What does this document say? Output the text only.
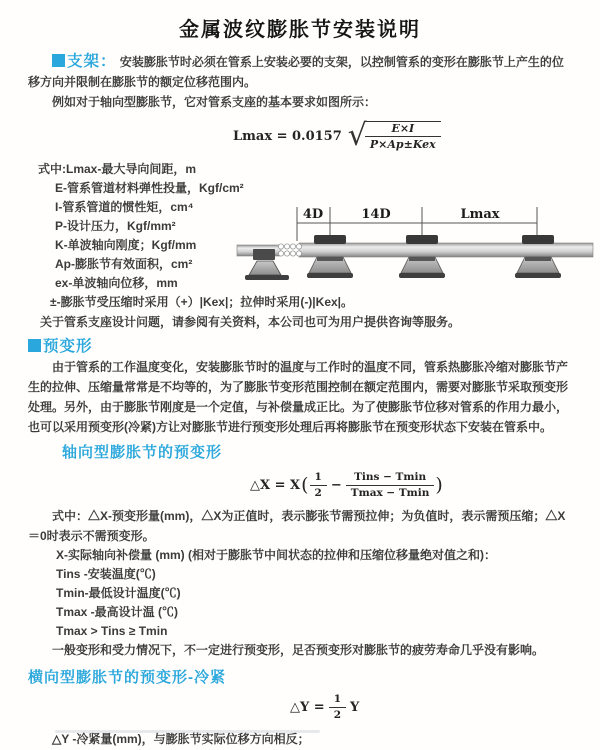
金属波纹膨胀节安装说明

支架： 安装膨胀节时必须在管系上安装必要的支架，以控制管系的变形在膨胀节上产生的位移方向并限制在膨胀节的额定位移范围内。

例如对于轴向型膨胀节，它对管系支座的基本要求如图所示：

Lmax = 0.0157 √
$\frac{E\times I}{\text{P×Ap±Kex}}$
式中:Lmax-最大导向间距，m
E-管系管道材料弹性投量，Kgf/cm²
I-管系管道的惯性矩，cm⁴
P-设计压力，Kgf/mm²
K-单波轴向刚度；Kgf/mm
Ap-膨胀节有效面积，cm²
ex-单波轴向位移，mm
±-膨胀节受压缩时采用（+）|Kex|；拉伸时采用(-)|Kex|。

关于管系支座设计问题，请参阅有关资料，本公司也可为用户提供咨询等服务。

预变形

由于管系的工作温度变化，安装膨胀节时的温度与工作时的温度不同，管系热膨胀冷缩对膨胀节产生的拉伸、压缩量常常是不均等的，为了膨胀节变形范围控制在额定范围内，需要对膨胀节采取预变形处理。另外，由于膨胀节刚度是一个定值，与补偿量成正比。为了使膨胀节位移对管系的作用力最小，也可以采用预变形(冷紧)方让对膨胀节进行预变形处理后再将膨胀节在预变形状态下安装在管系中。

轴向型膨胀节的预变形
△X = X ( $\frac{1}{2} - \frac{\text{Tins − Tmin}}{Tmax - Tmin}$ )

式中：△X-预变形量(mm)，△X为正值时，表示膨张节需预拉伸；为负值时，表示需预压缩；△X＝0时表示不需预变形。

X-实际轴向补偿量 (mm) (相对于膨胀节中间状态的拉伸和压缩位移量绝对值之和)：
Tins -安装温度(℃)
Tmin-最低设计温度(℃)
Tmax -最高设计温 (℃)
Tmax > Tins ≥ Tmin

一般变形和受力情况下，不一定进行预变形，足否预变形对膨胀节的疲劳寿命几乎没有影响。

横向型膨胀节的预变形-冷紧
△Y = $\frac{1}{2}$ Y

△Y -冷紧量(mm)，与膨胀节实际位移方向相反；

4D	14D	Lmax
